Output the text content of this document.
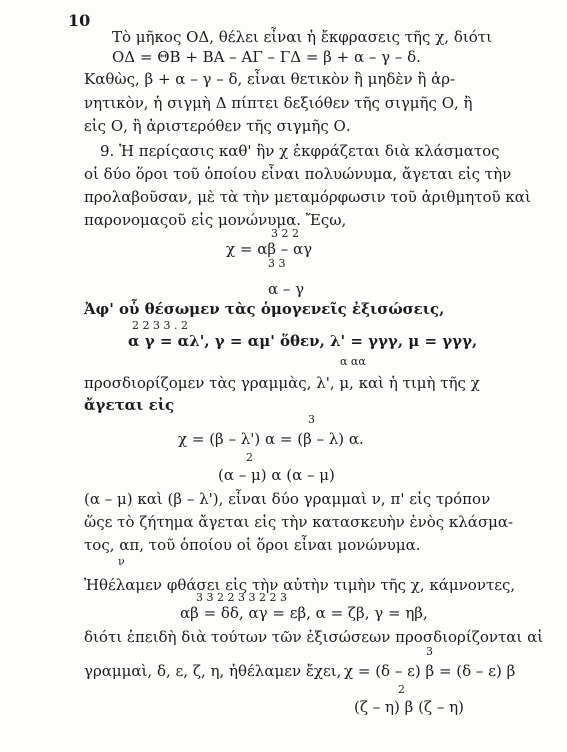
10
Τὸ μῆκος ΟΔ, θέλει εἶναι ἡ ἔκφρασεις τῆς χ, διότι
ΟΔ = ΘΒ + ΒΑ – ΑΓ – ΓΔ = β + α – γ – δ.
Καθὼς, β + α – γ – δ, εἶναι θετικὸν ἢ μηδὲν ἢ ἀρ-
νητικὸν, ἡ σιγμὴ Δ πίπτει δεξιόθεν τῆς σιγμῆς Ο, ἢ
εἰς Ο, ἢ ἀριστερόθεν τῆς σιγμῆς Ο.
9. Ἡ περίςασις καθ' ἣν χ ἐκφράζεται διὰ κλάσματος
οἱ δύο ὅροι τοῦ ὁποίου εἶναι πολυώνυμα, ἄγεται εἰς τὴν
προλαβοῦσαν, μὲ τὰ τὴν μεταμόρφωσιν τοῦ ἀριθμητοῦ καὶ
παρονομαςοῦ εἰς μονώνυμα. Ἔςω,
3 2 2
χ = αβ – αγ
3 3
α – γ
Ἀφ' οὗ θέσωμεν τὰς ὁμογενεῖς ἐξισώσεις,
2 2 3 3 . 2
α γ = αλ', γ = αμ' ὅθεν, λ' = γγγ, μ = γγγ,
α αα
προσδιορίζομεν τὰς γραμμὰς, λ', μ, καὶ ἡ τιμὴ τῆς χ
ἄγεται εἰς
3
χ = (β – λ') α = (β – λ) α.
2
(α – μ) α (α – μ)
(α – μ) καὶ (β – λ'), εἶναι δύο γραμμαὶ ν, π' εἰς τρόπον
ὥςε τὸ ζήτημα ἄγεται εἰς τὴν κατασκευὴν ἑνὸς κλάσμα-
τος, απ, τοῦ ὁποίου οἱ ὅροι εἶναι μονώνυμα.
ν
Ἠθέλαμεν φθάσει εἰς τὴν αὐτὴν τιμὴν τῆς χ, κάμνοντες,
3 3 2 2 3 3 2 2 3
αβ = δδ, αγ = εβ, α = ζβ, γ = ηβ,
διότι ἐπειδὴ διὰ τούτων τῶν ἐξισώσεων προσδιορίζονται αἱ
3
γραμμαὶ, δ, ε, ζ, η, ἠθέλαμεν ἔχει, χ = (δ – ε) β = (δ – ε) β
2
(ζ – η) β (ζ – η)
